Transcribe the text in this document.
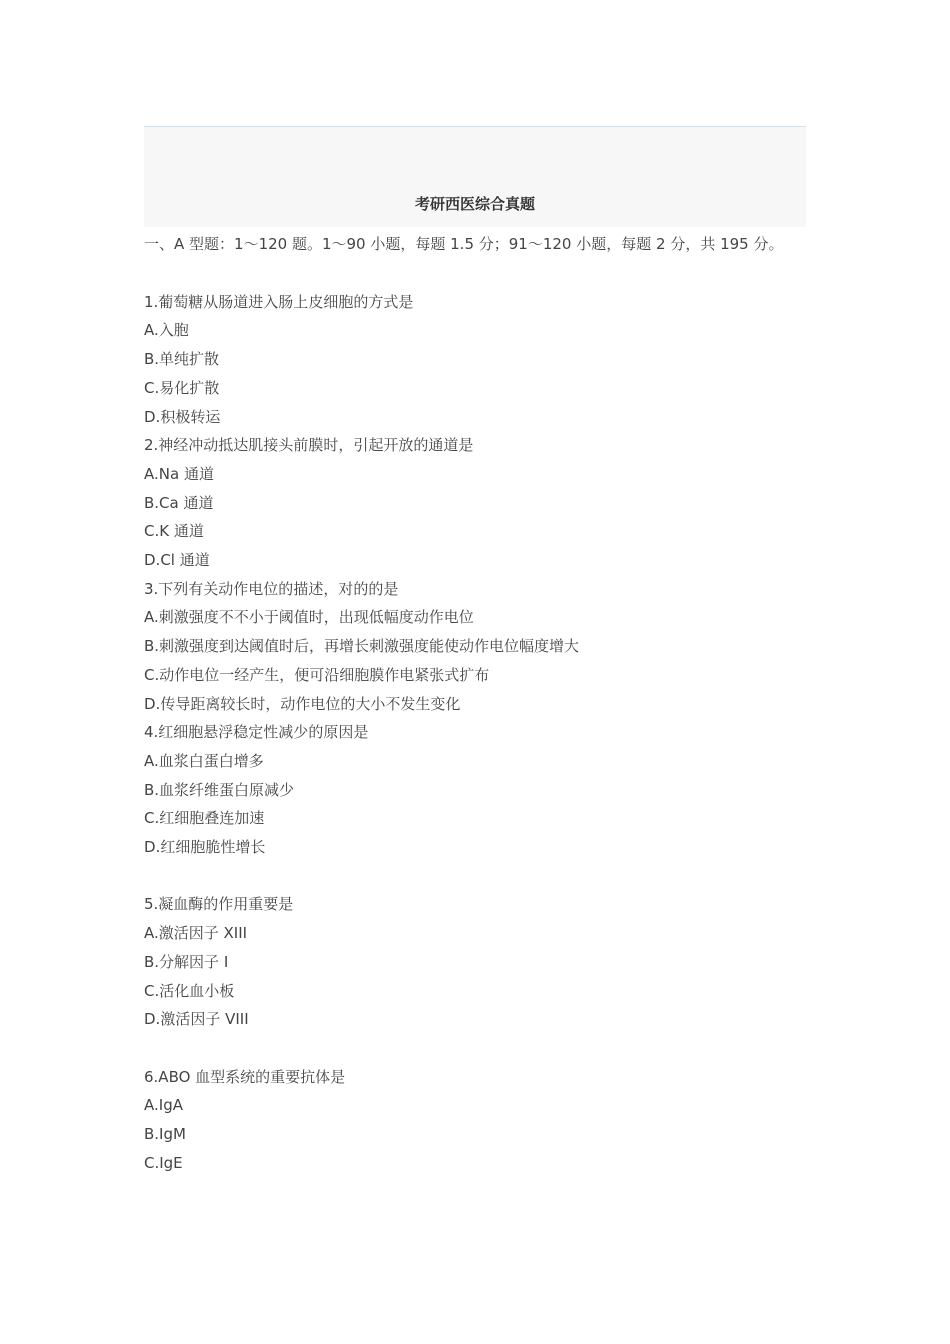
考研西医综合真题
一、A 型题：1～120 题。1～90 小题，每题 1.5 分；91～120 小题，每题 2 分，共 195 分。
1.葡萄糖从肠道进入肠上皮细胞的方式是
A.入胞
B.单纯扩散
C.易化扩散
D.积极转运
2.神经冲动抵达肌接头前膜时，引起开放的通道是
A.Na 通道
B.Ca 通道
C.K 通道
D.Cl 通道
3.下列有关动作电位的描述，对的的是
A.刺激强度不不小于阈值时，出现低幅度动作电位
B.刺激强度到达阈值时后，再增长刺激强度能使动作电位幅度增大
C.动作电位一经产生，便可沿细胞膜作电紧张式扩布
D.传导距离较长时，动作电位的大小不发生变化
4.红细胞悬浮稳定性减少的原因是
A.血浆白蛋白增多
B.血浆纤维蛋白原减少
C.红细胞叠连加速
D.红细胞脆性增长
5.凝血酶的作用重要是
A.激活因子 XIII
B.分解因子 I
C.活化血小板
D.激活因子 VIII
6.ABO 血型系统的重要抗体是
A.IgA
B.IgM
C.IgE
